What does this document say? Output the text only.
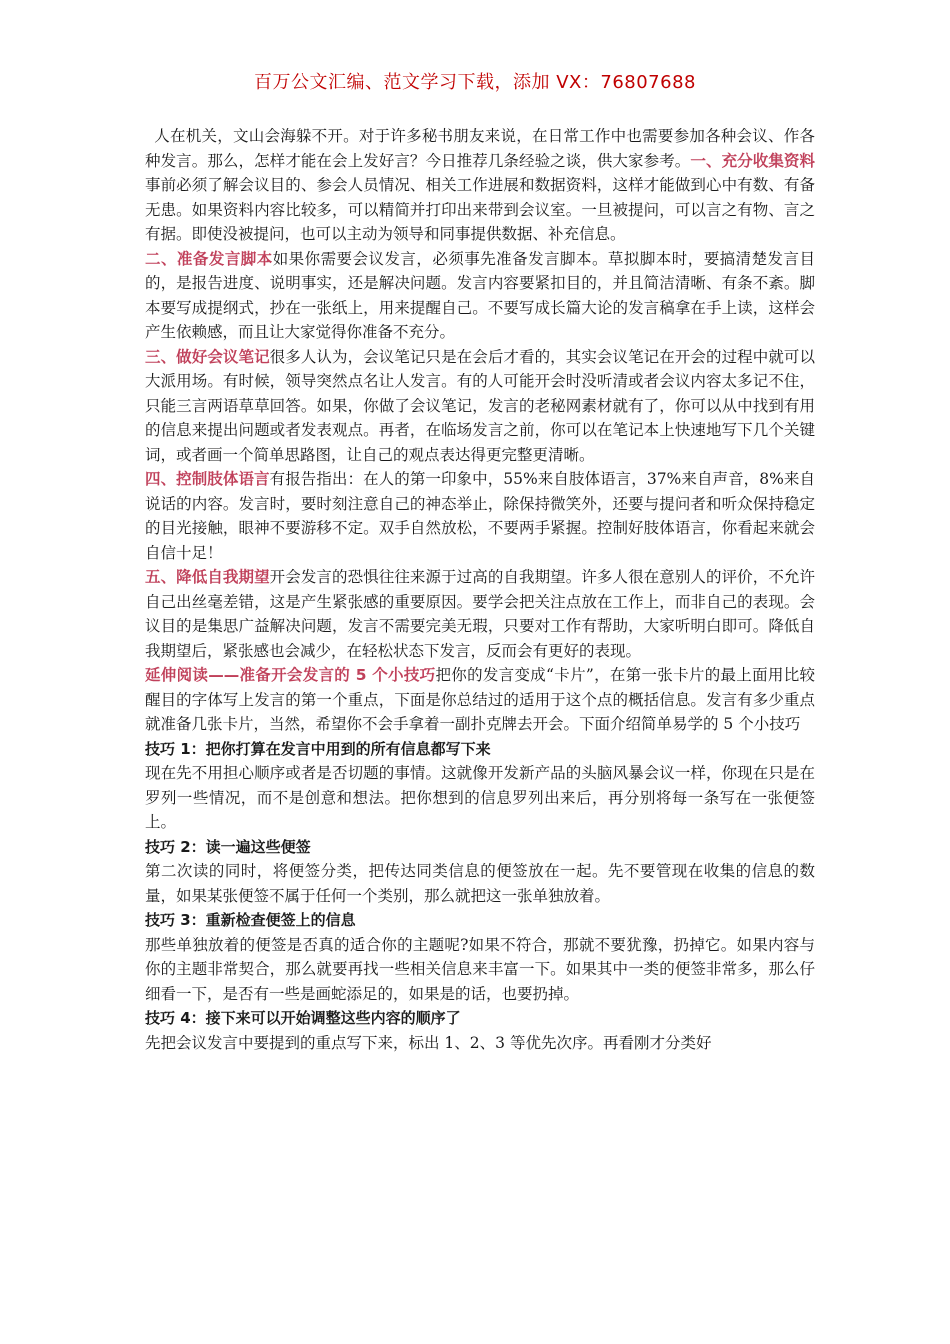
百万公文汇编、范文学习下载，添加 VX：76807688

人在机关，文山会海躲不开。对于许多秘书朋友来说，在日常工作中也需要参加各种会议、作各种发言。那么，怎样才能在会上发好言？今日推荐几条经验之谈，供大家参考。一、充分收集资料事前必须了解会议目的、参会人员情况、相关工作进展和数据资料，这样才能做到心中有数、有备无患。如果资料内容比较多，可以精简并打印出来带到会议室。一旦被提问，可以言之有物、言之有据。即使没被提问，也可以主动为领导和同事提供数据、补充信息。

二、准备发言脚本如果你需要会议发言，必须事先准备发言脚本。草拟脚本时，要搞清楚发言目的，是报告进度、说明事实，还是解决问题。发言内容要紧扣目的，并且简洁清晰、有条不紊。脚本要写成提纲式，抄在一张纸上，用来提醒自己。不要写成长篇大论的发言稿拿在手上读，这样会产生依赖感，而且让大家觉得你准备不充分。

三、做好会议笔记很多人认为，会议笔记只是在会后才看的，其实会议笔记在开会的过程中就可以大派用场。有时候，领导突然点名让人发言。有的人可能开会时没听清或者会议内容太多记不住，只能三言两语草草回答。如果，你做了会议笔记，发言的老秘网素材就有了，你可以从中找到有用的信息来提出问题或者发表观点。再者，在临场发言之前，你可以在笔记本上快速地写下几个关键词，或者画一个简单思路图，让自己的观点表达得更完整更清晰。

四、控制肢体语言有报告指出：在人的第一印象中，55%来自肢体语言，37%来自声音，8%来自说话的内容。发言时，要时刻注意自己的神态举止，除保持微笑外，还要与提问者和听众保持稳定的目光接触，眼神不要游移不定。双手自然放松，不要两手紧握。控制好肢体语言，你看起来就会自信十足！

五、降低自我期望开会发言的恐惧往往来源于过高的自我期望。许多人很在意别人的评价，不允许自己出丝毫差错，这是产生紧张感的重要原因。要学会把关注点放在工作上，而非自己的表现。会议目的是集思广益解决问题，发言不需要完美无瑕，只要对工作有帮助，大家听明白即可。降低自我期望后，紧张感也会减少，在轻松状态下发言，反而会有更好的表现。

延伸阅读——准备开会发言的 5 个小技巧把你的发言变成“卡片”，在第一张卡片的最上面用比较醒目的字体写上发言的第一个重点，下面是你总结过的适用于这个点的概括信息。发言有多少重点就准备几张卡片，当然，希望你不会手拿着一副扑克牌去开会。下面介绍简单易学的 5 个小技巧

技巧 1：把你打算在发言中用到的所有信息都写下来

现在先不用担心顺序或者是否切题的事情。这就像开发新产品的头脑风暴会议一样，你现在只是在罗列一些情况，而不是创意和想法。把你想到的信息罗列出来后，再分别将每一条写在一张便签上。

技巧 2：读一遍这些便签

第二次读的同时，将便签分类，把传达同类信息的便签放在一起。先不要管现在收集的信息的数量，如果某张便签不属于任何一个类别，那么就把这一张单独放着。

技巧 3：重新检查便签上的信息

那些单独放着的便签是否真的适合你的主题呢?如果不符合，那就不要犹豫，扔掉它。如果内容与你的主题非常契合，那么就要再找一些相关信息来丰富一下。如果其中一类的便签非常多，那么仔细看一下，是否有一些是画蛇添足的，如果是的话，也要扔掉。

技巧 4：接下来可以开始调整这些内容的顺序了

先把会议发言中要提到的重点写下来，标出 1、2、3 等优先次序。再看刚才分类好
